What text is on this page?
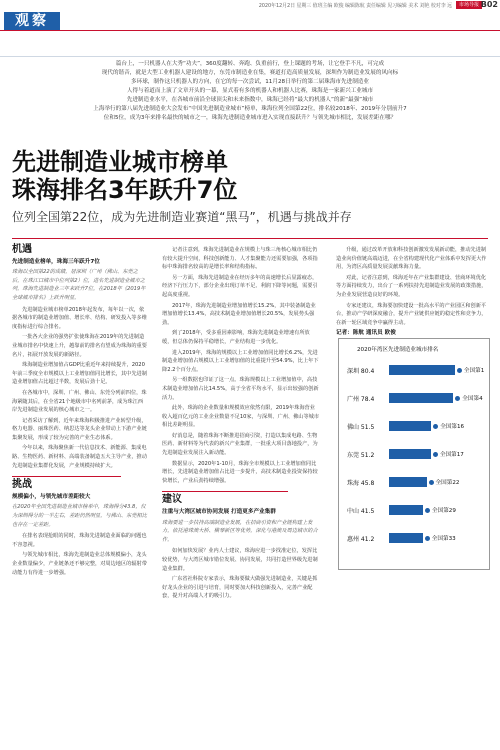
2020年12月2日 星期三 值班主编 欧俊 编辑陈航 责任编辑 见习编辑 美术 刘艳 校对李 远	市场导报 B02
观察
篇台上，一只机器人在大秀“功夫”，360度翻转、奔跑、负重前行，登上课题的考场，让它登手不凡，可完成
现代的谐音，就是大型工业机器人建设的地方，东莞市制造业在集，赛道打造高质量发展，深圳作为制造业发展的风向标
多环球，制作这只机器人的方向，在它的每一次尝试，11月28日举行的第二届珠海市先进制造业
人得与着道而上演了文章开头的一幕，显式着有多的机器人和机器人比赛，珠海是一家新兴工业城市
先进制造业水平，在各城市前沿全球顶尖和未来指数中，珠海已经将“最大的机器人”的新“最强”城市
上海举行的第八届先进制造业大会发布“中国先进制造业城市”榜单，珠海位列全国第22位，排名较2018年、2019年分别前升7
位和5位，成为3年来排名最快的城市之一，珠海先进制造业城市进入实现直接跃升？与领先城市相比，发展差距在哪？
先进制造业城市榜单
珠海排名3年跃升7位
位列全国第22位，成为先进制造业赛道“黑马”，机遇与挑战并存
机遇
先进制造业榜单，珠海三年跃升7位
珠海以全国第22的成绩，居深圳（广州（佛山、东莞之后，在珠江口城市中位列第2）位，进名先进制造业城市之列。珠海先进制造业三年来跃升7位，在2018年《2019年全球城市排名》上跃升明显。

先进制造业城市榜单2018年起发布，每年以一次，依据各城市的制造业增加值、增长率、结构、研发投入等多维度指标进行综合排名。

一批各大企业的强势扩张使珠海在2019年的先进制造业城市排名中快速上升，越靠前的排名有望成为珠海的重要名片，拓展开放发展的新路径。

珠海制造业增加值占GDP比重近年来持续提升，2020年前三季度全市规模以上工业增加值同比增长，其中先进制造业增加值占比超过半数，发展后劲十足。

在各城市中，深圳、广州、佛山、东莞分列前四位，珠海紧随其后，在全省21个地级市中名列前茅，成为珠江西岸先进制造业发展的核心城市之一。

记者采访了解到，近年来珠海积极推进产业转型升级，格力电器、丽珠医药、纳思达等龙头企业带动上下游产业链集聚发展，形成了较为完善的产业生态体系。

今年以来，珠海聚焦新一代信息技术、新能源、集成电路、生物医药、新材料、高端装备制造五大主导产业，推动先进制造业集群化发展，产业规模持续扩大。

挑战
规模偏小，与领先城市差距较大
在2020年全国先进制造业城市榜单中，珠海得分43.8，仅为深圳得分的一半左右，差距仍然明显，与佛山、东莞相比也存在一定差距。

在排名表现抢眼的同时，珠海先进制造业面临的问题也不容忽视。

与领先城市相比，珠海先进制造业总体规模偏小，龙头企业数量偏少，产业链条还不够完整，对周边地区的辐射带动能力有待进一步增强。

记者注意到，珠海先进制造业在规模上与珠三角核心城市相比仍有较大提升空间，科技创新能力、人才集聚能力还需要加强，各项指标中珠海排名较高的是增长率和结构指标。

另一方面，珠海先进制造业在经历多年的高速增长后显露疲态，经济下行压力下，部分企业出现订单不足、利润下降等问题，需要引起高度重视。

2017年，珠海先进制造业增加值增长15.2%，其中装备制造业增加值增长13.4%，高技术制造业增加值增长20.5%，发展势头强劲。

到了2018年，受多重因素影响，珠海先进制造业增速有所放缓，但总体仍保持平稳增长，产业结构进一步优化。

进入2019年，珠海的规模以上工业增加值同比增长6.2%，先进制造业增加值占规模以上工业增加值的比重提升至54.9%，比上年下降2.2个百分点。

另一组数据也印证了这一点。珠海规模以上工业增加值中，高技术制造业增加值占比14.5%，高于全省平均水平，显示出较强的创新活力。

此外，珠海的企业数量和规模效应依然有限，2019年珠海营业收入超百亿元的工业企业数量不足10家，与深圳、广州、佛山等城市相比差距明显。

好消息是，随着珠海不断推进招商引资，打造以集成电路、生物医药、新材料等为代表的新兴产业集群，一批重大项目落地投产，为先进制造业发展注入新动能。

数据显示，2020年1-10月，珠海全市规模以上工业增加值同比增长，先进制造业增加值占比进一步提升，高技术制造业投资保持较快增长，产业后劲持续增强。

建议
注重与大湾区城市协同发展 打造更多产业集群
珠海要进一步扶持高端制造业发展，在招商引资和产业链构建上发力，依托港珠澳大桥、横琴新区等优势，深化与港澳及周边城市的合作。

如何加快发展？业内人士建议，珠海应进一步找准定位，发挥比较优势，与大湾区城市错位发展、协同发展，共同打造世界级先进制造业集群。

广东省社科院专家表示，珠海要做大做强先进制造业，关键是抓好龙头企业的引进与培育，同时要加大科技创新投入，完善产业配套，提升对高端人才的吸引力。

升级，通过改革开放和科技创新激发发展新动能，推动先进制造业向价值链高端迈进，在全省构建现代化产业体系中发挥更大作用，为湾区高质量发展贡献珠海力量。

对此，记者注意到，珠海近年在产业集群建设、营商环境优化等方面持续发力，出台了一系列扶持先进制造业发展的政策措施，为企业发展营造良好的环境。

专家还建议，珠海要加快建设一批高水平的产业园区和创新平台，推动产学研深度融合，提升产业链供应链的稳定性和竞争力，在新一轮区域竞争中赢得主动。

记者：陈航 通讯员 欧俊
2020年湾区先进制造业城市排名
深圳 80.4	全国第1
广州 78.4	全国第4
佛山 51.5	全国第16
东莞 51.2	全国第17
珠海 45.8	全国第22
中山 41.5	全国第29
惠州 41.2	全国第33
